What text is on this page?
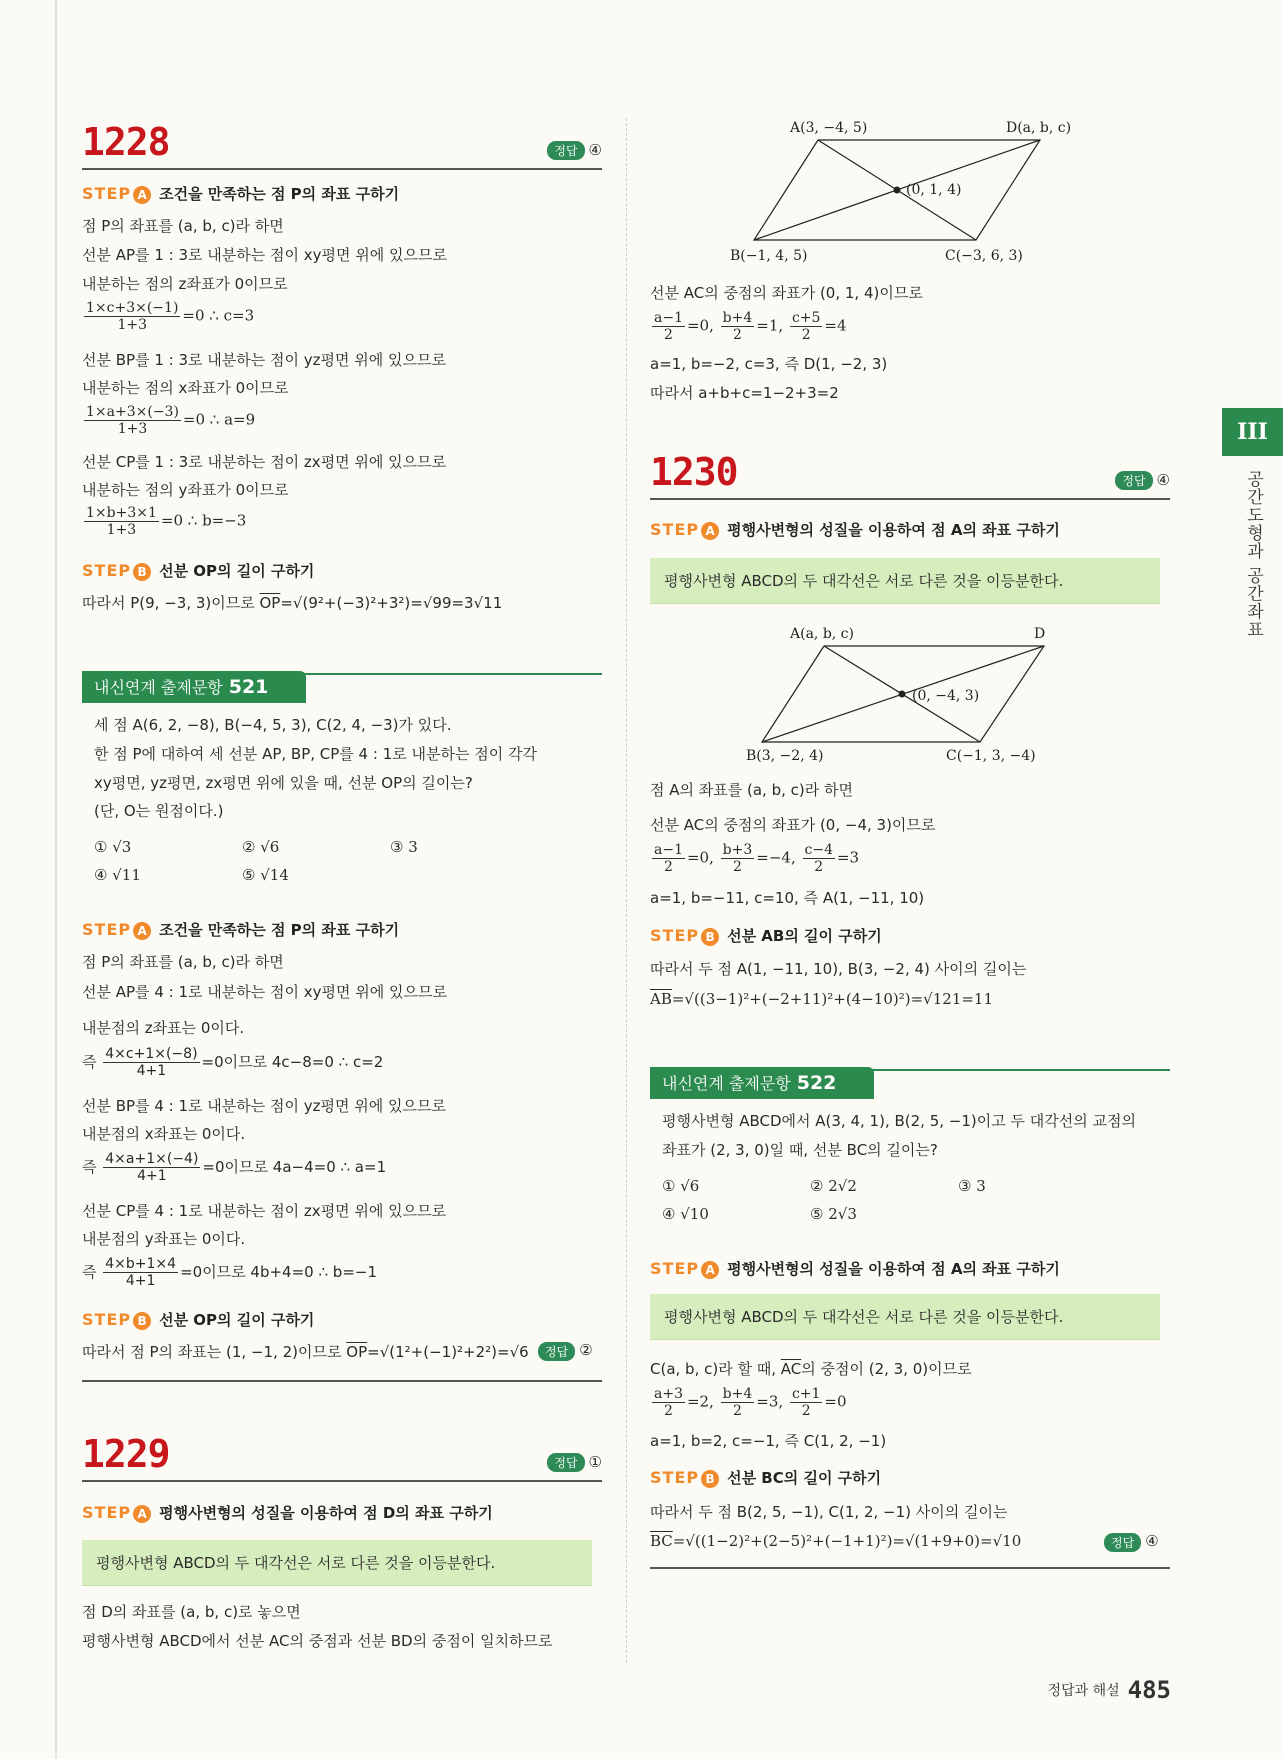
1228	정답 ④
STEP A 조건을 만족하는 점 P의 좌표 구하기
점 P의 좌표를 (a, b, c)라 하면
선분 AP를 1 : 3로 내분하는 점이 xy평면 위에 있으므로
내분하는 점의 z좌표가 0이므로
$\frac{1\times c+3\times(-1)}{1+3} =0$ ∴ c=3
선분 BP를 1 : 3로 내분하는 점이 yz평면 위에 있으므로
내분하는 점의 x좌표가 0이므로
$\frac{1\times a+3\times(-3)}{1+3} =0$ ∴ a=9
선분 CP를 1 : 3로 내분하는 점이 zx평면 위에 있으므로
내분하는 점의 y좌표가 0이므로
$\frac{1\times b+3\times 1}{1+3} =0$ ∴ b=−3
STEP B 선분 OP의 길이 구하기
따라서 P(9, −3, 3)이므로 $\overline{OP}=√(9^2+(-3)^2+3^2)=√99=3√11$
내신연계 출제문항 521
세 점 A(6, 2, −8), B(−4, 5, 3), C(2, 4, −3)가 있다.
한 점 P에 대하여 세 선분 AP, BP, CP를 4 : 1로 내분하는 점이 각각
xy평면, yz평면, zx평면 위에 있을 때, 선분 OP의 길이는?
(단, O는 원점이다.)
① √3	② √6	③ 3
④ √11	⑤ √14
STEP A 조건을 만족하는 점 P의 좌표 구하기
점 P의 좌표를 (a, b, c)라 하면
선분 AP를 4 : 1로 내분하는 점이 xy평면 위에 있으므로
내분점의 z좌표는 0이다.
즉 $\frac{4\times c+1\times(-8)}{4+1} =0$이므로 4c−8=0 ∴ c=2
선분 BP를 4 : 1로 내분하는 점이 yz평면 위에 있으므로
내분점의 x좌표는 0이다.
즉 $\frac{4\times a+1\times(-4)}{4+1} =0$이므로 4a−4=0 ∴ a=1
선분 CP를 4 : 1로 내분하는 점이 zx평면 위에 있으므로
내분점의 y좌표는 0이다.
즉 $\frac{4\times b+1\times 4}{4+1} =0$이므로 4b+4=0 ∴ b=−1
STEP B 선분 OP의 길이 구하기
따라서 점 P의 좌표는 (1, −1, 2)이므로 $\overline{OP}=√(1^2+(-1)^2+2^2)=√6$	정답 ②
1229	정답 ①
STEP A 평행사변형의 성질을 이용하여 점 D의 좌표 구하기
평행사변형 ABCD의 두 대각선은 서로 다른 것을 이등분한다.
점 D의 좌표를 (a, b, c)로 놓으면
평행사변형 ABCD에서 선분 AC의 중점과 선분 BD의 중점이 일치하므로
A(3, −4, 5)	D(a, b, c)
(0, 1, 4)
B(−1, 4, 5)	C(−3, 6, 3)
선분 AC의 중점의 좌표가 (0, 1, 4)이므로
$\frac{a-1}{2} =0$, $\frac{b+4}{2} =1$, $\frac{c+5}{2} =4$
a=1, b=−2, c=3, 즉 D(1, −2, 3)
따라서 a+b+c=1−2+3=2
1230	정답 ④
STEP A 평행사변형의 성질을 이용하여 점 A의 좌표 구하기
평행사변형 ABCD의 두 대각선은 서로 다른 것을 이등분한다.
A(a, b, c)	D
(0, −4, 3)
B(3, −2, 4)	C(−1, 3, −4)
점 A의 좌표를 (a, b, c)라 하면
선분 AC의 중점의 좌표가 (0, −4, 3)이므로
$\frac{a-1}{2} =0$, $\frac{b+3}{2} =-4$, $\frac{c-4}{2} =3$
a=1, b=−11, c=10, 즉 A(1, −11, 10)
STEP B 선분 AB의 길이 구하기
따라서 두 점 A(1, −11, 10), B(3, −2, 4) 사이의 길이는
$\overline{AB}=√((3-1)^2+(-2+11)^2+(4-10)^2)=√121=11$
내신연계 출제문항 522
평행사변형 ABCD에서 A(3, 4, 1), B(2, 5, −1)이고 두 대각선의 교점의
좌표가 (2, 3, 0)일 때, 선분 BC의 길이는?
① √6	② 2√2	③ 3
④ √10	⑤ 2√3
STEP A 평행사변형의 성질을 이용하여 점 A의 좌표 구하기
평행사변형 ABCD의 두 대각선은 서로 다른 것을 이등분한다.
C(a, b, c)라 할 때, $\overline{AC}$의 중점이 (2, 3, 0)이므로
$\frac{a+3}{2} =2$, $\frac{b+4}{2} =3$, $\frac{c+1}{2} =0$
a=1, b=2, c=−1, 즉 C(1, 2, −1)
STEP B 선분 BC의 길이 구하기
따라서 두 점 B(2, 5, −1), C(1, 2, −1) 사이의 길이는
$\overline{BC}=√((1-2)^2+(2-5)^2+(-1+1)^2)=√(1+9+0)=√10$	정답 ④
III
공간도형과 공간좌표
정답과 해설 485
